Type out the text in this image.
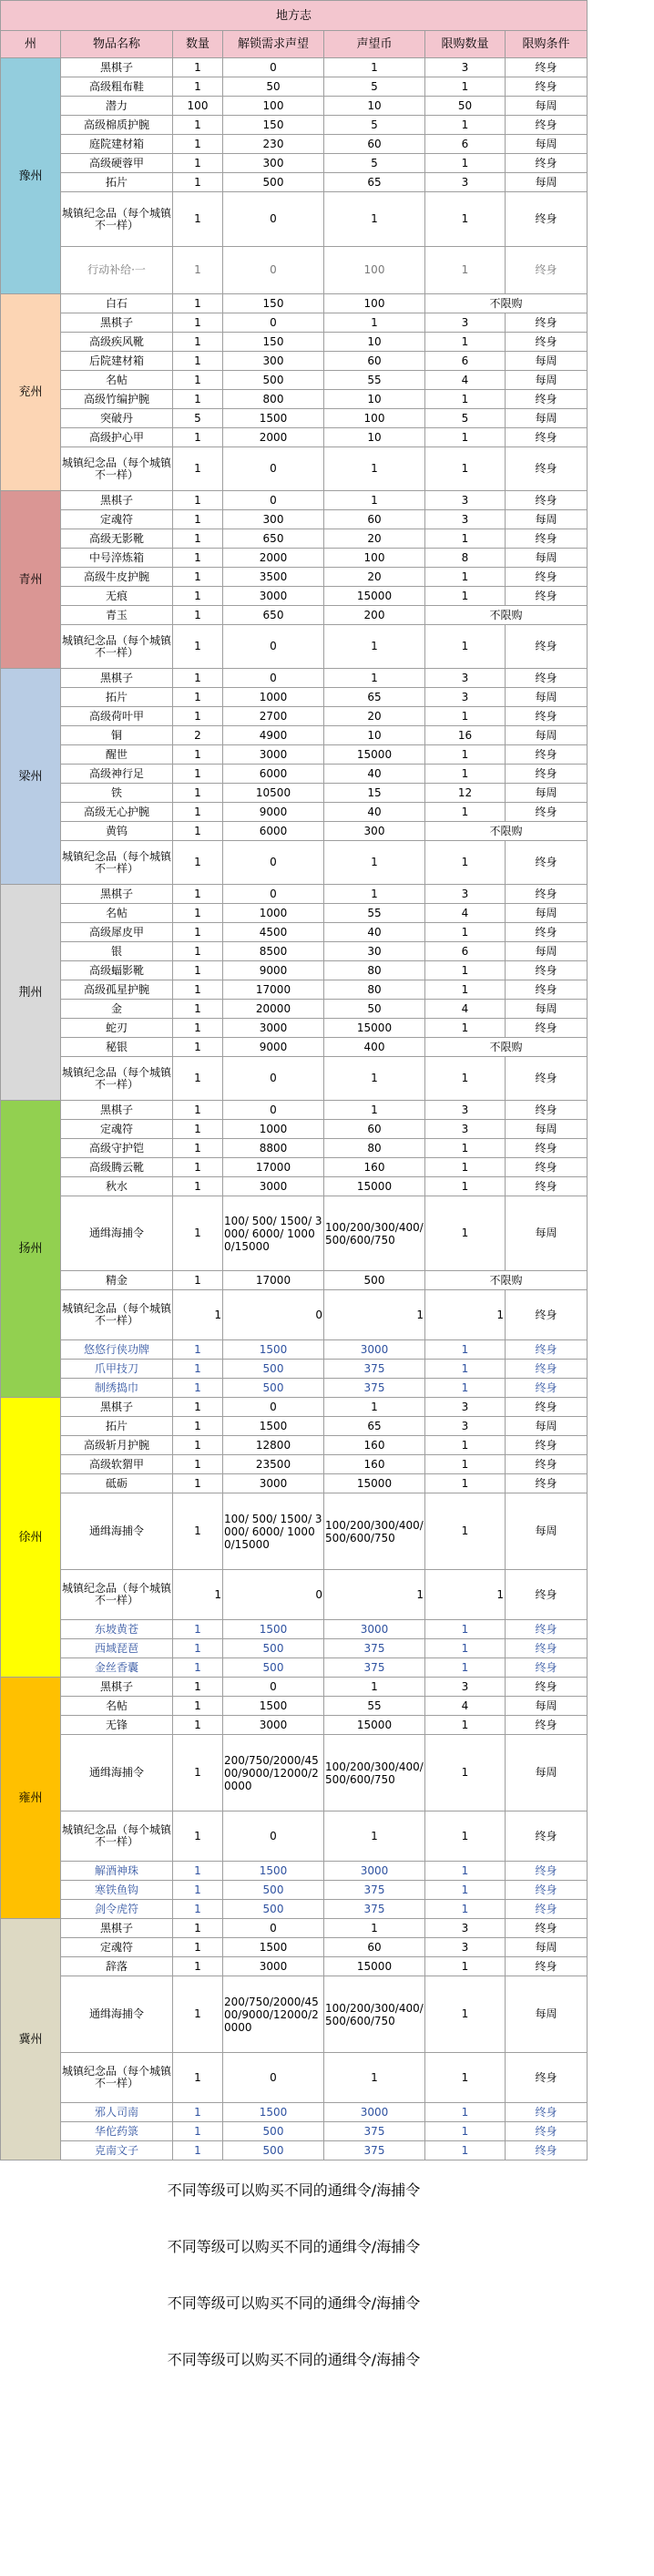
地方志						
州	物品名称	数量	解锁需求声望	声望币	限购数量	限购条件
豫州	黑棋子	1	0	1	3	终身
	高级粗布鞋	1	50	5	1	终身
	潜力	100	100	10	50	每周
	高级棉质护腕	1	150	5	1	终身
	庭院建材箱	1	230	60	6	每周
	高级硬蓉甲	1	300	5	1	终身
	拓片	1	500	65	3	每周
	城镇纪念品（每个城镇不一样）	1	0	1	1	终身
	行动补给·一	1	0	100	1	终身
兖州	白石	1	150	100	不限购	
	黑棋子	1	0	1	3	终身
	高级疾风靴	1	150	10	1	终身
	后院建材箱	1	300	60	6	每周
	名帖	1	500	55	4	每周
	高级竹编护腕	1	800	10	1	终身
	突破丹	5	1500	100	5	每周
	高级护心甲	1	2000	10	1	终身
	城镇纪念品（每个城镇不一样）	1	0	1	1	终身
青州	黑棋子	1	0	1	3	终身
	定魂符	1	300	60	3	每周
	高级无影靴	1	650	20	1	终身
	中号淬炼箱	1	2000	100	8	每周
	高级牛皮护腕	1	3500	20	1	终身
	无痕	1	3000	15000	1	终身
	青玉	1	650	200	不限购	
	城镇纪念品（每个城镇不一样）	1	0	1	1	终身
梁州	黑棋子	1	0	1	3	终身
	拓片	1	1000	65	3	每周
	高级荷叶甲	1	2700	20	1	终身
	铜	2	4900	10	16	每周
	醒世	1	3000	15000	1	终身
	高级神行足	1	6000	40	1	终身
	铁	1	10500	15	12	每周
	高级无心护腕	1	9000	40	1	终身
	黄钨	1	6000	300	不限购	
	城镇纪念品（每个城镇不一样）	1	0	1	1	终身
荆州	黑棋子	1	0	1	3	终身
	名帖	1	1000	55	4	每周
	高级犀皮甲	1	4500	40	1	终身
	银	1	8500	30	6	每周
	高级蝠影靴	1	9000	80	1	终身
	高级孤星护腕	1	17000	80	1	终身
	金	1	20000	50	4	每周
	蛇刃	1	3000	15000	1	终身
	秘银	1	9000	400	不限购	
	城镇纪念品（每个城镇不一样）	1	0	1	1	终身
扬州	黑棋子	1	0	1	3	终身
	定魂符	1	1000	60	3	每周
	高级守护铠	1	8800	80	1	终身
	高级腾云靴	1	17000	160	1	终身
	秋水	1	3000	15000	1	终身
	通缉海捕令	1	100/ 500/ 1500/ 3000/ 6000/ 10000/15000	100/200/300/400/500/600/750	1	每周
	精金	1	17000	500	不限购	
	城镇纪念品（每个城镇不一样）	1	0	1	1	终身
	悠悠行侠功牌	1	1500	3000	1	终身
	爪甲技刀	1	500	375	1	终身
	制绣捣巾	1	500	375	1	终身
徐州	黑棋子	1	0	1	3	终身
	拓片	1	1500	65	3	每周
	高级斩月护腕	1	12800	160	1	终身
	高级软猬甲	1	23500	160	1	终身
	砥砺	1	3000	15000	1	终身
	通缉海捕令	1	100/ 500/ 1500/ 3000/ 6000/ 10000/15000	100/200/300/400/500/600/750	1	每周
	城镇纪念品（每个城镇不一样）	1	0	1	1	终身
	东坡黄苍	1	1500	3000	1	终身
	西域琵琶	1	500	375	1	终身
	金丝香囊	1	500	375	1	终身
雍州	黑棋子	1	0	1	3	终身
	名帖	1	1500	55	4	每周
	无锋	1	3000	15000	1	终身
	通缉海捕令	1	200/750/2000/4500/9000/12000/20000	100/200/300/400/500/600/750	1	每周
	城镇纪念品（每个城镇不一样）	1	0	1	1	终身
	解酒神珠	1	1500	3000	1	终身
	寒铁鱼钩	1	500	375	1	终身
	剑令虎符	1	500	375	1	终身
冀州	黑棋子	1	0	1	3	终身
	定魂符	1	1500	60	3	每周
	辞落	1	3000	15000	1	终身
	通缉海捕令	1	200/750/2000/4500/9000/12000/20000	100/200/300/400/500/600/750	1	每周
	城镇纪念品（每个城镇不一样）	1	0	1	1	终身
	邪人司南	1	1500	3000	1	终身
	华佗药箓	1	500	375	1	终身
	克南文子	1	500	375	1	终身
不同等级可以购买不同的通缉令/海捕令
不同等级可以购买不同的通缉令/海捕令
不同等级可以购买不同的通缉令/海捕令
不同等级可以购买不同的通缉令/海捕令
